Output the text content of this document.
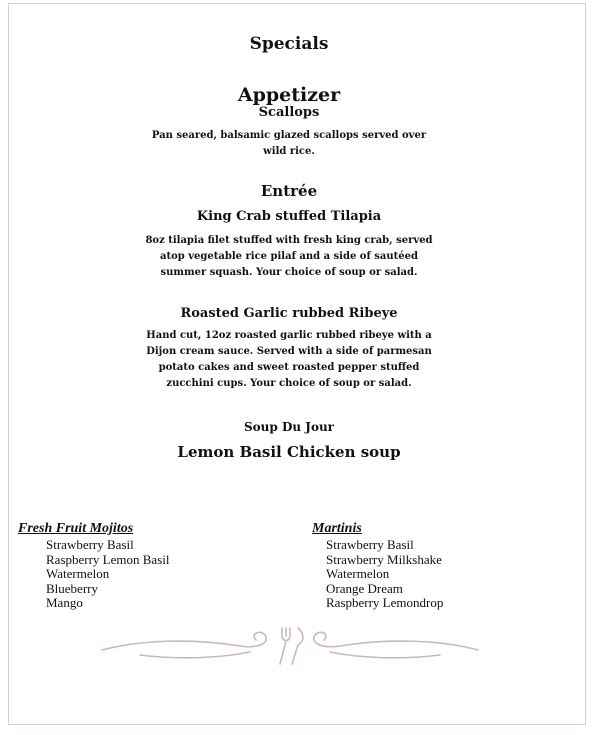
Specials
Appetizer
Scallops
Pan seared, balsamic glazed scallops served over
wild rice.
Entrée
King Crab stuffed Tilapia
8oz tilapia filet stuffed with fresh king crab, served
atop vegetable rice pilaf and a side of sautéed
summer squash. Your choice of soup or salad.
Roasted Garlic rubbed Ribeye
Hand cut, 12oz roasted garlic rubbed ribeye with a
Dijon cream sauce. Served with a side of parmesan
potato cakes and sweet roasted pepper stuffed
zucchini cups. Your choice of soup or salad.
Soup Du Jour
Lemon Basil Chicken soup
Fresh Fruit Mojitos
Strawberry Basil
Raspberry Lemon Basil
Watermelon
Blueberry
Mango
Martinis
Strawberry Basil
Strawberry Milkshake
Watermelon
Orange Dream
Raspberry Lemondrop
